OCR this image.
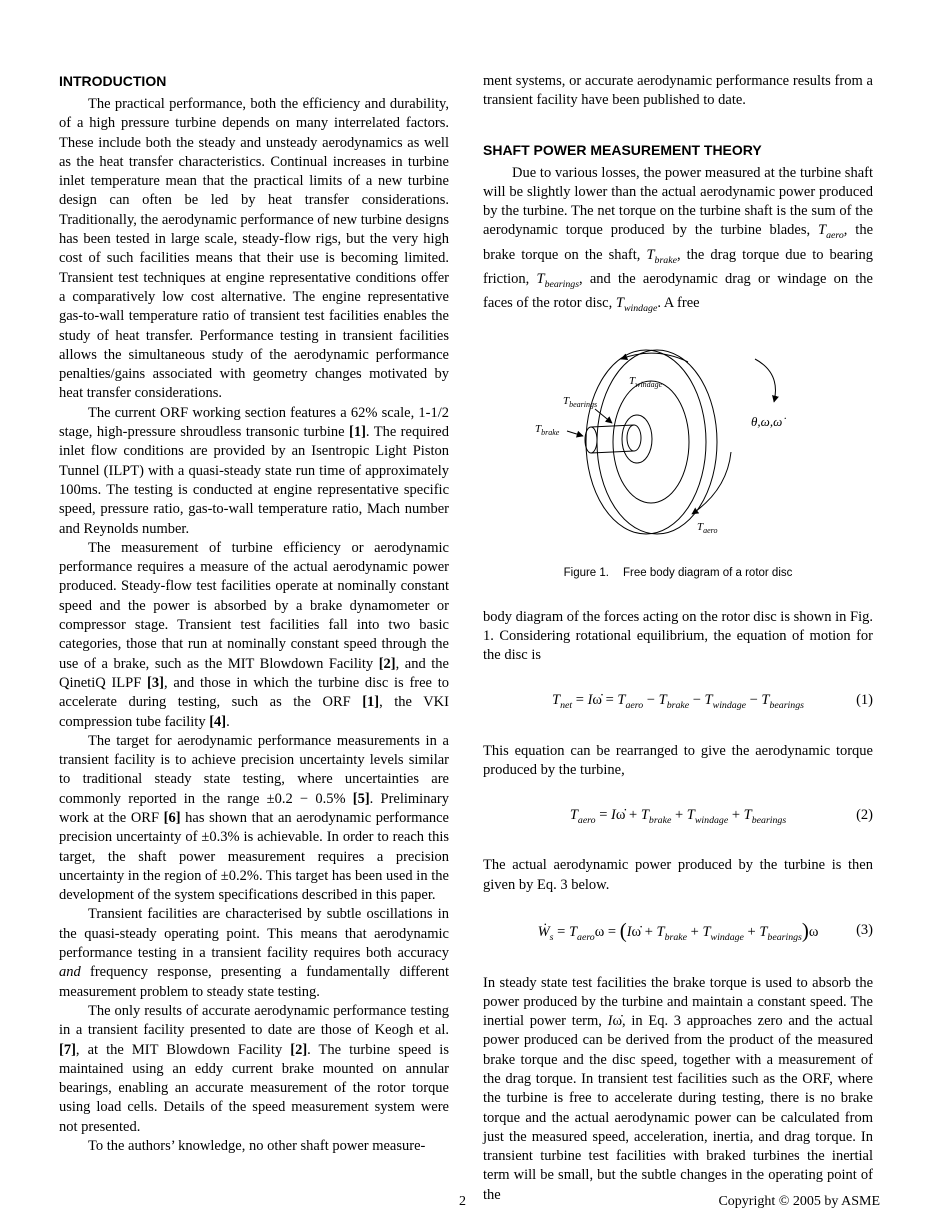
INTRODUCTION

The practical performance, both the efficiency and durability, of a high pressure turbine depends on many interrelated factors. These include both the steady and unsteady aerodynamics as well as the heat transfer characteristics. Continual increases in turbine inlet temperature mean that the practical limits of a new turbine design can often be led by heat transfer considerations. Traditionally, the aerodynamic performance of new turbine designs has been tested in large scale, steady-flow rigs, but the very high cost of such facilities means that their use is becoming limited. Transient test techniques at engine representative conditions offer a comparatively low cost alternative. The engine representative gas-to-wall temperature ratio of transient test facilities enables the study of heat transfer. Performance testing in transient facilities allows the simultaneous study of the aerodynamic performance penalties/gains associated with geometry changes motivated by heat transfer considerations.

The current ORF working section features a 62% scale, 1-1/2 stage, high-pressure shroudless transonic turbine [1]. The required inlet flow conditions are provided by an Isentropic Light Piston Tunnel (ILPT) with a quasi-steady state run time of approximately 100ms. The testing is conducted at engine representative specific speed, pressure ratio, gas-to-wall temperature ratio, Mach number and Reynolds number.

The measurement of turbine efficiency or aerodynamic performance requires a measure of the actual aerodynamic power produced. Steady-flow test facilities operate at nominally constant speed and the power is absorbed by a brake dynamometer or compressor stage. Transient test facilities fall into two basic categories, those that run at nominally constant speed through the use of a brake, such as the MIT Blowdown Facility [2], and the QinetiQ ILPF [3], and those in which the turbine disc is free to accelerate during testing, such as the ORF [1], the VKI compression tube facility [4].

The target for aerodynamic performance measurements in a transient facility is to achieve precision uncertainty levels similar to traditional steady state testing, where uncertainties are commonly reported in the range ±0.2 − 0.5% [5]. Preliminary work at the ORF [6] has shown that an aerodynamic performance precision uncertainty of ±0.3% is achievable. In order to reach this target, the shaft power measurement requires a precision uncertainty in the region of ±0.2%. This target has been used in the development of the system specifications described in this paper.

Transient facilities are characterised by subtle oscillations in the quasi-steady operating point. This means that aerodynamic performance testing in a transient facility requires both accuracy and frequency response, presenting a fundamentally different measurement problem to steady state testing.

The only results of accurate aerodynamic performance testing in a transient facility presented to date are those of Keogh et al. [7], at the MIT Blowdown Facility [2]. The turbine speed is maintained using an eddy current brake mounted on annular bearings, enabling an accurate measurement of the rotor torque using load cells. Details of the speed measurement system were not presented.

To the authors’ knowledge, no other shaft power measure-

ment systems, or accurate aerodynamic performance results from a transient facility have been published to date.

SHAFT POWER MEASUREMENT THEORY

Due to various losses, the power measured at the turbine shaft will be slightly lower than the actual aerodynamic power produced by the turbine. The net torque on the turbine shaft is the sum of the aerodynamic torque produced by the turbine blades, $T_{aero}$, the brake torque on the shaft, $T_{brake}$, the drag torque due to bearing friction, $T_{bearings}$, and the aerodynamic drag or windage on the faces of the rotor disc, $T_{windage}$. A free

$T_{windage}$
$T_{bearings}$
$T_{brake}$
$T_{aero}$
θ,ω,ω̇
Figure 1. Free body diagram of a rotor disc

body diagram of the forces acting on the rotor disc is shown in Fig. 1. Considering rotational equilibrium, the equation of motion for the disc is

$T_{net}$ = Iω̇ = $T_{aero} - T_{brake} - T_{windage} - T_{bearings}$	(1)

This equation can be rearranged to give the aerodynamic torque produced by the turbine,

$T_{aero}$ = Iω̇ + $T_{brake} + T_{windage} + T_{bearings}$	(2)

The actual aerodynamic power produced by the turbine is then given by Eq. 3 below.

Ẇ$_s$ = $T_{aero}\omega$ = (Iω̇ + $T_{brake} + T_{windage} + T_{bearings})\omega$	(3)

In steady state test facilities the brake torque is used to absorb the power produced by the turbine and maintain a constant speed. The inertial power term, Iω̇, in Eq. 3 approaches zero and the actual power produced can be derived from the product of the measured brake torque and the disc speed, together with a measurement of the drag torque. In transient test facilities such as the ORF, where the turbine is free to accelerate during testing, there is no brake torque and the actual aerodynamic power can be calculated from just the measured speed, acceleration, inertia, and drag torque. In transient turbine test facilities with braked turbines the inertial term will be small, but the subtle changes in the operating point of the

2	Copyright © 2005 by ASME
